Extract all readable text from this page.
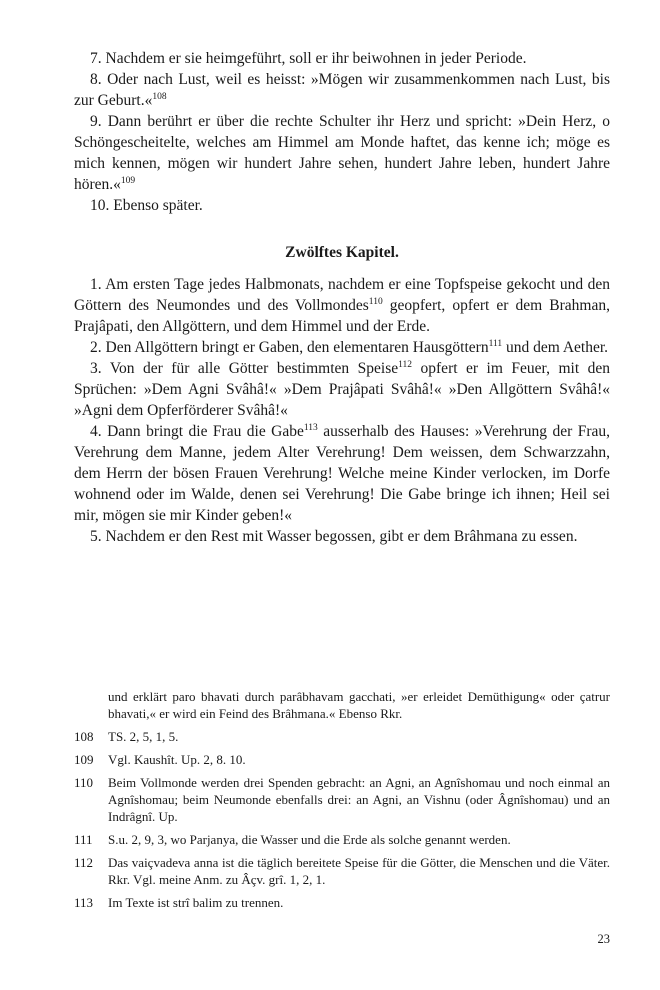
7. Nachdem er sie heimgeführt, soll er ihr beiwohnen in jeder Periode.

8. Oder nach Lust, weil es heisst: »Mögen wir zusammenkommen nach Lust, bis zur Geburt.«$^{108}$

9. Dann berührt er über die rechte Schulter ihr Herz und spricht: »Dein Herz, o Schöngescheitelte, welches am Himmel am Monde haftet, das kenne ich; möge es mich kennen, mögen wir hundert Jahre sehen, hundert Jahre leben, hundert Jahre hören.«$^{109}$

10. Ebenso später.

Zwölftes Kapitel.

1. Am ersten Tage jedes Halbmonats, nachdem er eine Topfspeise gekocht und den Göttern des Neumondes und des Vollmondes$^{110}$ geopfert, opfert er dem Brahman, Prajâpati, den Allgöttern, und dem Himmel und der Erde.

2. Den Allgöttern bringt er Gaben, den elementaren Hausgöttern$^{111}$ und dem Aether.

3. Von der für alle Götter bestimmten Speise$^{112}$ opfert er im Feuer, mit den Sprüchen: »Dem Agni Svâhâ!« »Dem Prajâpati Svâhâ!« »Den Allgöttern Svâhâ!« »Agni dem Opferförderer Svâhâ!«

4. Dann bringt die Frau die Gabe$^{113}$ ausserhalb des Hauses: »Verehrung der Frau, Verehrung dem Manne, jedem Alter Verehrung! Dem weissen, dem Schwarzzahn, dem Herrn der bösen Frauen Verehrung! Welche meine Kinder verlocken, im Dorfe wohnend oder im Walde, denen sei Verehrung! Die Gabe bringe ich ihnen; Heil sei mir, mögen sie mir Kinder geben!«

5. Nachdem er den Rest mit Wasser begossen, gibt er dem Brâhmana zu essen.

und erklärt paro bhavati durch parâbhavam gacchati, »er erleidet Demüthigung« oder çatrur bhavati,« er wird ein Feind des Brâhmana.« Ebenso Rkr.
108	TS. 2, 5, 1, 5.
109	Vgl. Kaushît. Up. 2, 8. 10.
110	Beim Vollmonde werden drei Spenden gebracht: an Agni, an Agnîshomau und noch einmal an Agnîshomau; beim Neumonde ebenfalls drei: an Agni, an Vishnu (oder Âgnîshomau) und an Indrâgnî. Up.
111	S.u. 2, 9, 3, wo Parjanya, die Wasser und die Erde als solche genannt werden.
112	Das vaiçvadeva anna ist die täglich bereitete Speise für die Götter, die Menschen und die Väter. Rkr. Vgl. meine Anm. zu Âçv. grî. 1, 2, 1.
113	Im Texte ist strî balim zu trennen.
23
